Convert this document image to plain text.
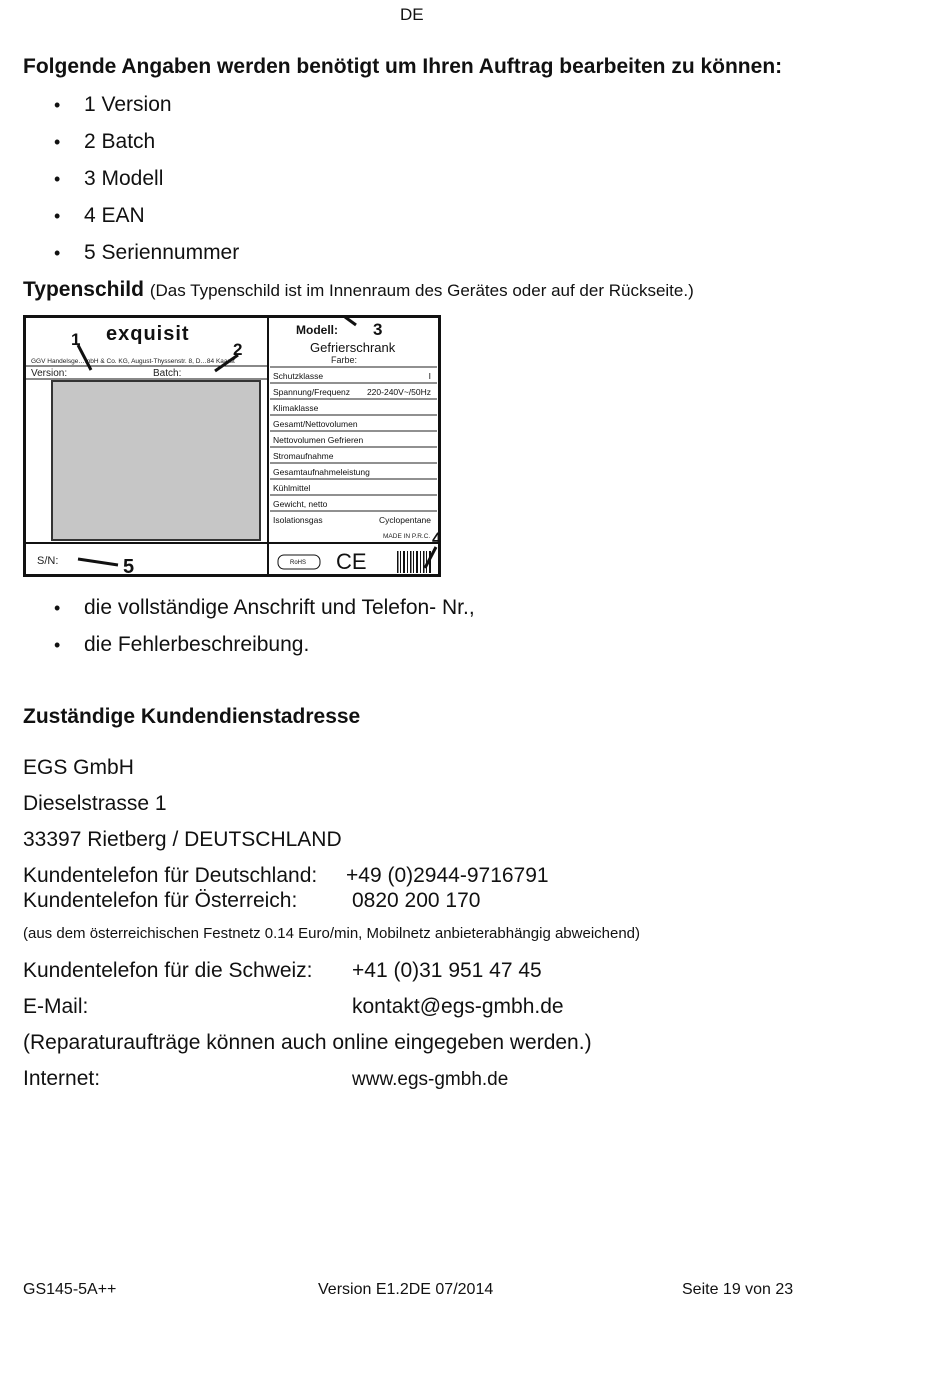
DE
Folgende Angaben werden benötigt um Ihren Auftrag bearbeiten zu können:
• 1 Version
• 2 Batch
• 3 Modell
• 4 EAN
• 5 Seriennummer
Typenschild (Das Typenschild ist im Innenraum des Gerätes oder auf der Rückseite.)
exquisit
GGV Handelsge…mbH & Co. KG, August-Thyssenstr. 8, D…84 Kaarst
Version:	Batch:
S/N:
Modell:
Gefrierschrank
Farbe:
Schutzklasse	I
Spannung/Frequenz 220-240V~/50Hz
Klimaklasse
Gesamt/Nettovolumen
Nettovolumen Gefrieren
Stromaufnahme
Gesamtaufnahmeleistung
Kühlmittel
Gewicht, netto
Isolationsgas	Cyclopentane
MADE IN P.R.C.
RoHS CE
1
2
3
4
5
• die vollständige Anschrift und Telefon- Nr.,
• die Fehlerbeschreibung.
Zuständige Kundendienstadresse
EGS GmbH
Dieselstrasse 1
33397 Rietberg / DEUTSCHLAND
Kundentelefon für Deutschland: +49 (0)2944-9716791
Kundentelefon für Österreich:	0820 200 170
(aus dem österreichischen Festnetz 0.14 Euro/min, Mobilnetz anbieterabhängig abweichend)
Kundentelefon für die Schweiz: +41 (0)31 951 47 45
E-Mail:	kontakt@egs-gmbh.de
(Reparaturaufträge können auch online eingegeben werden.)
Internet:	www.egs-gmbh.de
GS145-5A++	Version E1.2DE 07/2014	Seite 19 von 23
